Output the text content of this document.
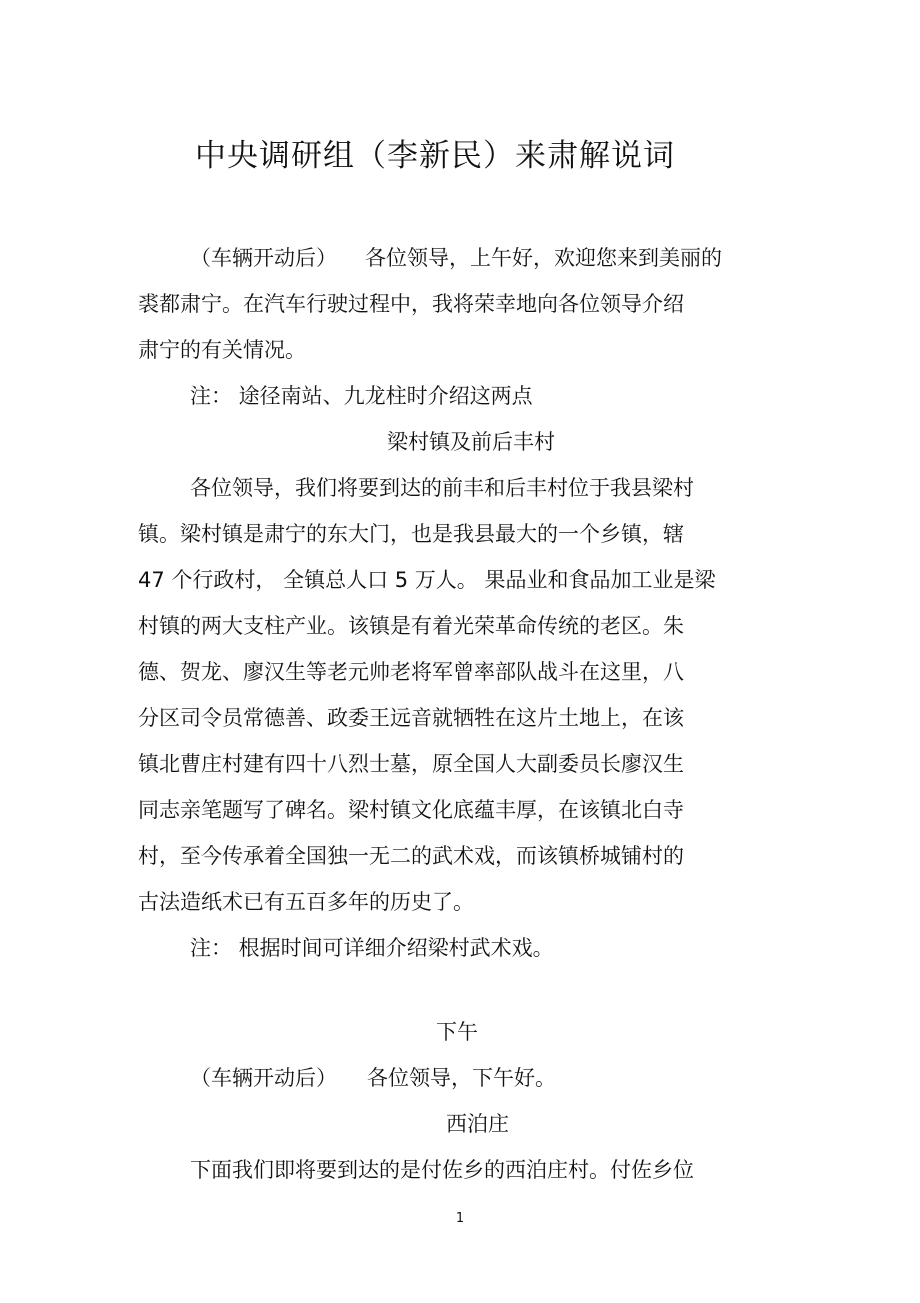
中央调研组（李新民）来肃解说词
（车辆开动后） 各位领导，上午好，欢迎您来到美丽的
裘都肃宁。在汽车行驶过程中，我将荣幸地向各位领导介绍
肃宁的有关情况。
注： 途径南站、九龙柱时介绍这两点
梁村镇及前后丰村
各位领导，我们将要到达的前丰和后丰村位于我县梁村
镇。梁村镇是肃宁的东大门，也是我县最大的一个乡镇，辖
47 个行政村， 全镇总人口 5 万人。 果品业和食品加工业是梁
村镇的两大支柱产业。该镇是有着光荣革命传统的老区。朱
德、贺龙、廖汉生等老元帅老将军曾率部队战斗在这里，八
分区司令员常德善、政委王远音就牺牲在这片土地上，在该
镇北曹庄村建有四十八烈士墓，原全国人大副委员长廖汉生
同志亲笔题写了碑名。梁村镇文化底蕴丰厚，在该镇北白寺
村，至今传承着全国独一无二的武术戏，而该镇桥城铺村的
古法造纸术已有五百多年的历史了。
注： 根据时间可详细介绍梁村武术戏。
下午
（车辆开动后） 各位领导，下午好。
西泊庄
下面我们即将要到达的是付佐乡的西泊庄村。付佐乡位
1
